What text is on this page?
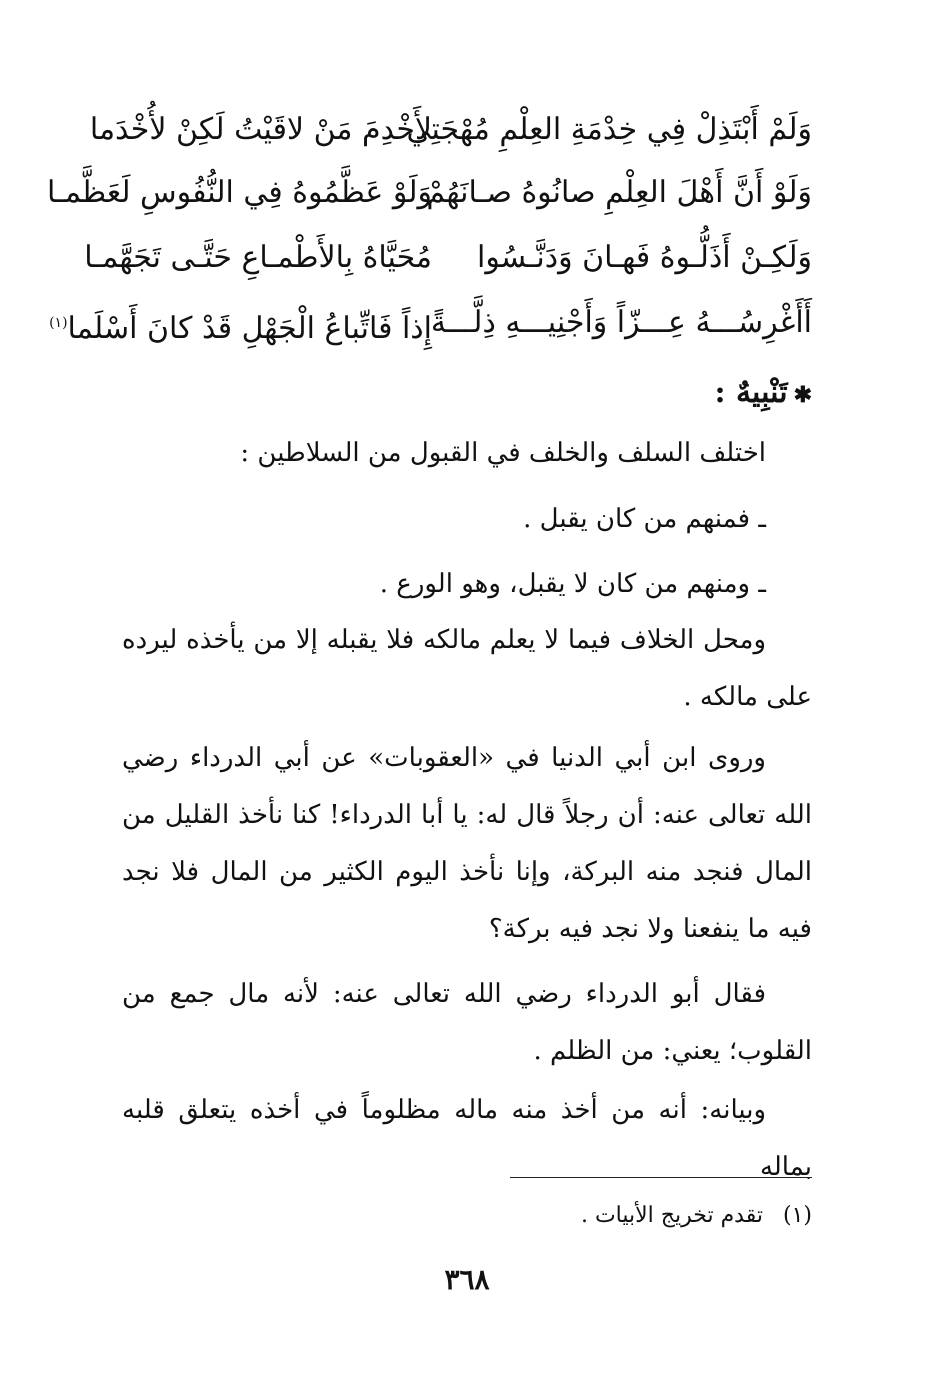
وَلَمْ أَبْتَذِلْ فِي خِدْمَةِ العِلْمِ مُهْجَتِي
لأَخْدِمَ مَنْ لاقَيْتُ لَكِنْ لأُخْدَما
وَلَوْ أَنَّ أَهْلَ العِلْمِ صانُوهُ صـانَهُمْ
وَلَوْ عَظَّمُوهُ فِي النُّفُوسِ لَعَظَّمـا
وَلَكِـنْ أَذَلُّـوهُ فَهـانَ وَدَنَّـسُوا
مُحَيَّاهُ بِالأَطْمـاعِ حَتَّـى تَجَهَّمـا
أَأَغْرِسُـــهُ عِـــزّاً وَأَجْنِيـــهِ ذِلَّـــةً
إِذاً فَاتِّباعُ الْجَهْلِ قَدْ كانَ أَسْلَما$^{(١)}$
✱تَنْبِيهٌ :

اختلف السلف والخلف في القبول من السلاطين :

ـ فمنهم من كان يقبل .

ـ ومنهم من كان لا يقبل، وهو الورع .

ومحل الخلاف فيما لا يعلم مالكه فلا يقبله إلا من يأخذه ليرده على مالكه .

وروى ابن أبي الدنيا في «العقوبات» عن أبي الدرداء رضي الله تعالى عنه: أن رجلاً قال له: يا أبا الدرداء! كنا نأخذ القليل من المال فنجد منه البركة، وإنا نأخذ اليوم الكثير من المال فلا نجد فيه ما ينفعنا ولا نجد فيه بركة؟

فقال أبو الدرداء رضي الله تعالى عنه: لأنه مال جمع من القلوب؛ يعني: من الظلم .

وبيانه: أنه من أخذ منه ماله مظلوماً في أخذه يتعلق قلبه بماله

(١)تقدم تخريج الأبيات .
٣٦٨
